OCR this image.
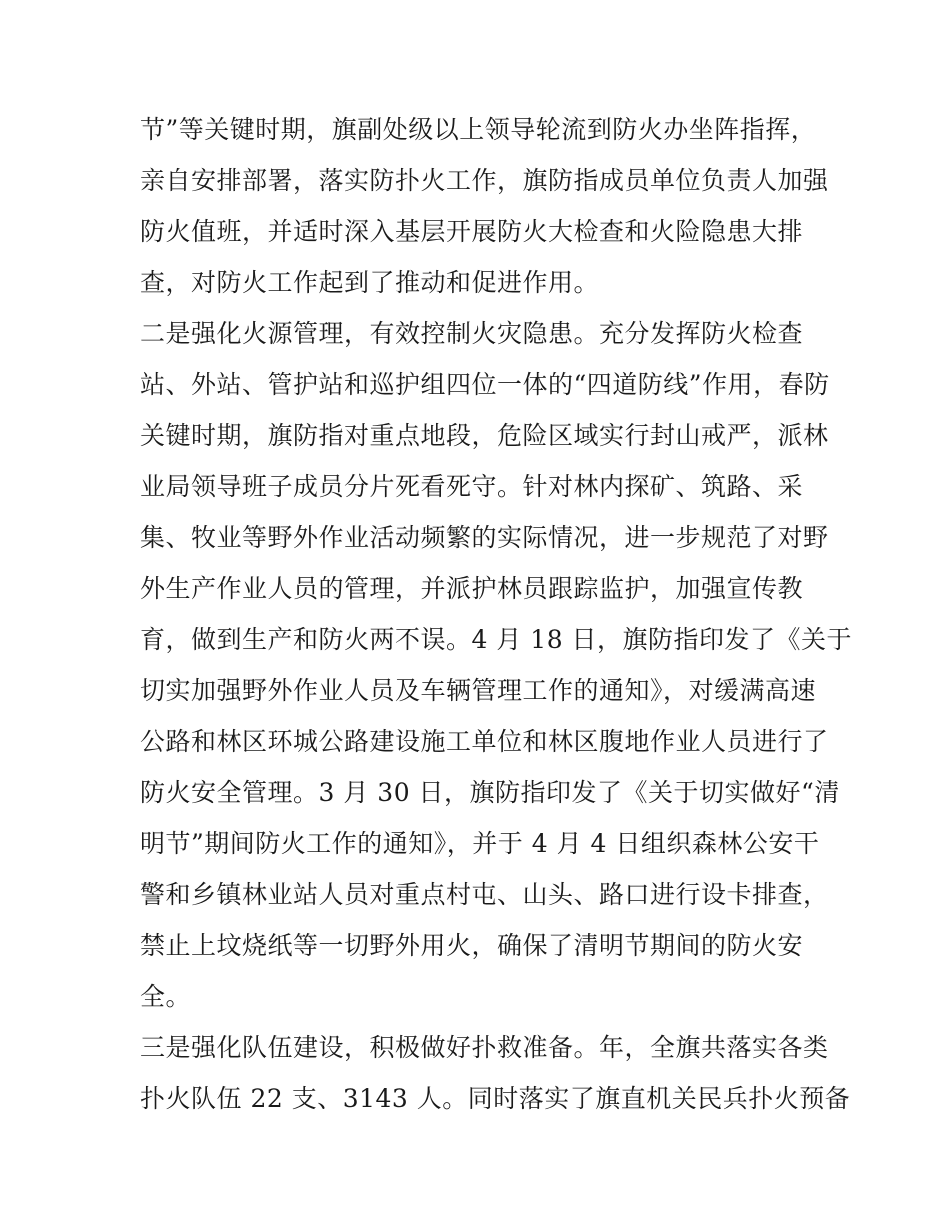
节”等关键时期，旗副处级以上领导轮流到防火办坐阵指挥，
亲自安排部署，落实防扑火工作，旗防指成员单位负责人加强
防火值班，并适时深入基层开展防火大检查和火险隐患大排
查，对防火工作起到了推动和促进作用。
二是强化火源管理，有效控制火灾隐患。充分发挥防火检查
站、外站、管护站和巡护组四位一体的“四道防线”作用，春防
关键时期，旗防指对重点地段，危险区域实行封山戒严，派林
业局领导班子成员分片死看死守。针对林内探矿、筑路、采
集、牧业等野外作业活动频繁的实际情况，进一步规范了对野
外生产作业人员的管理，并派护林员跟踪监护，加强宣传教
育，做到生产和防火两不误。4 月 18 日，旗防指印发了《关于
切实加强野外作业人员及车辆管理工作的通知》，对缓满高速
公路和林区环城公路建设施工单位和林区腹地作业人员进行了
防火安全管理。3 月 30 日，旗防指印发了《关于切实做好“清
明节”期间防火工作的通知》，并于 4 月 4 日组织森林公安干
警和乡镇林业站人员对重点村屯、山头、路口进行设卡排查，
禁止上坟烧纸等一切野外用火，确保了清明节期间的防火安
全。
三是强化队伍建设，积极做好扑救准备。年，全旗共落实各类
扑火队伍 22 支、3143 人。同时落实了旗直机关民兵扑火预备
